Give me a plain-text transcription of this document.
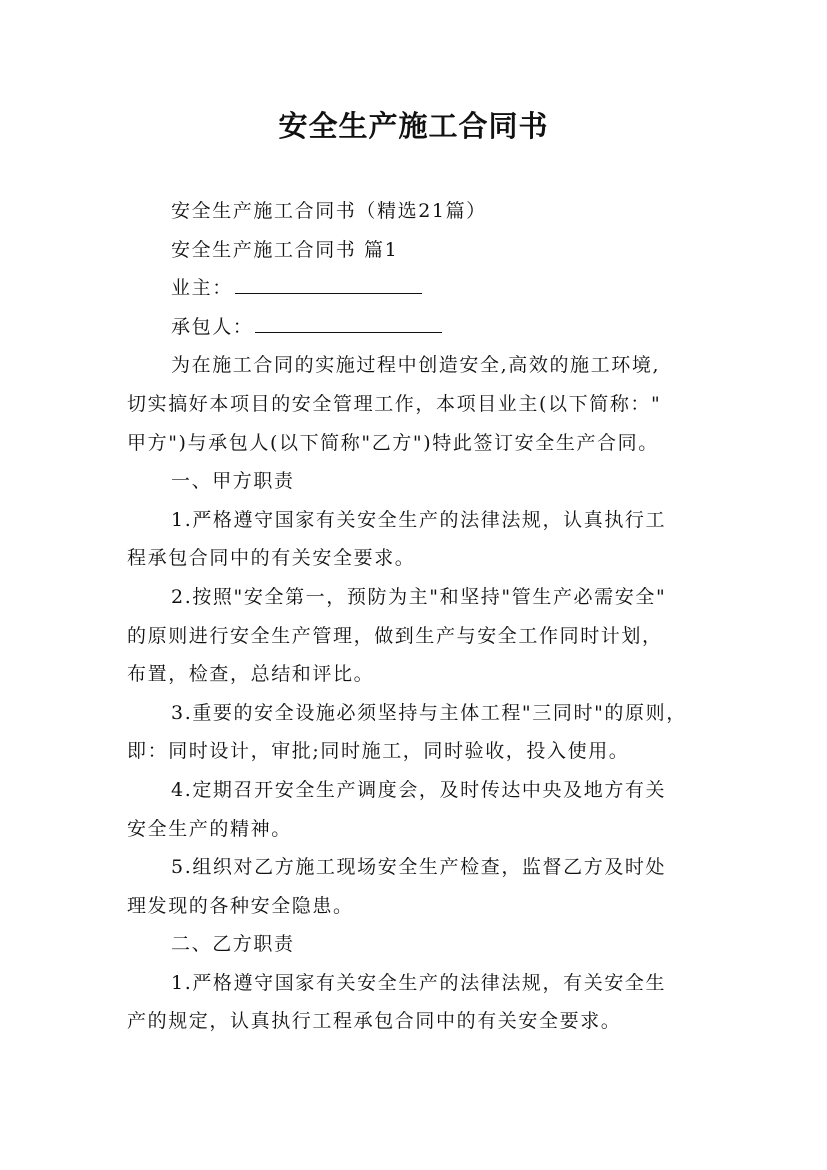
安全生产施工合同书

安全生产施工合同书（精选21篇）

安全生产施工合同书 篇1

业主：

承包人：

为在施工合同的实施过程中创造安全,高效的施工环境,

切实搞好本项目的安全管理工作，本项目业主(以下简称："

甲方")与承包人(以下简称"乙方")特此签订安全生产合同。

一、甲方职责

1.严格遵守国家有关安全生产的法律法规，认真执行工

程承包合同中的有关安全要求。

2.按照"安全第一，预防为主"和坚持"管生产必需安全"

的原则进行安全生产管理，做到生产与安全工作同时计划，

布置，检查，总结和评比。

3.重要的安全设施必须坚持与主体工程"三同时"的原则，

即：同时设计，审批;同时施工，同时验收，投入使用。

4.定期召开安全生产调度会，及时传达中央及地方有关

安全生产的精神。

5.组织对乙方施工现场安全生产检查，监督乙方及时处

理发现的各种安全隐患。

二、乙方职责

1.严格遵守国家有关安全生产的法律法规，有关安全生

产的规定，认真执行工程承包合同中的有关安全要求。
